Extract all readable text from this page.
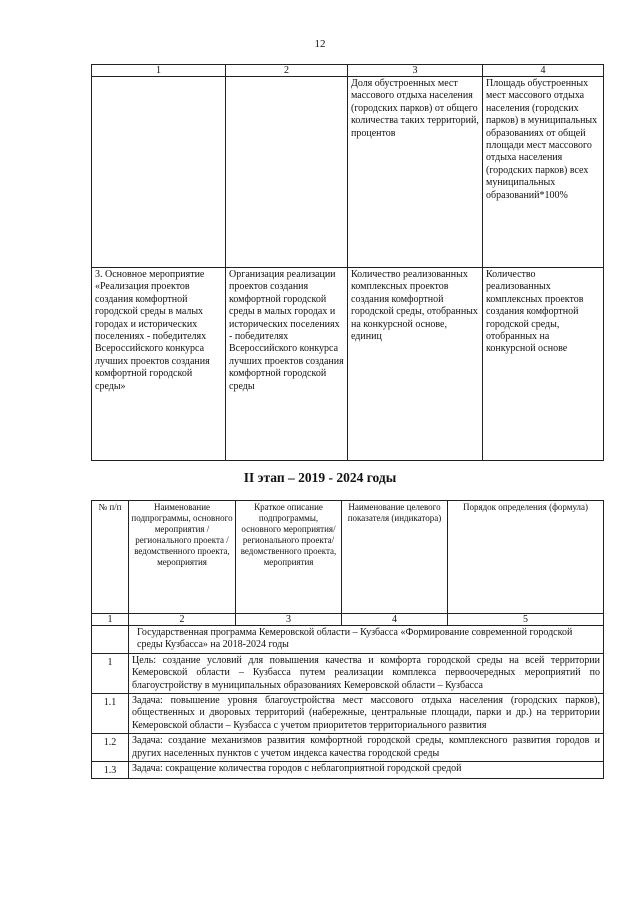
12
1	2	3	4
		Доля обустроенных мест массового отдыха населения (городских парков) от общего количества таких территорий, процентов	Площадь обустроенных мест массового отдыха населения (городских парков) в муниципальных образованиях от общей площади мест массового отдыха населения (городских парков) всех муниципальных образований*100%
3. Основное мероприятие «Реализация проектов создания комфортной городской среды в малых городах и исторических поселениях - победителях Всероссийского конкурса лучших проектов создания комфортной городской среды»	Организация реализации проектов создания комфортной городской среды в малых городах и исторических поселениях - победителях Всероссийского конкурса лучших проектов создания комфортной городской среды	Количество реализованных комплексных проектов создания комфортной городской среды, отобранных на конкурсной основе, единиц	Количество реализованных комплексных проектов создания комфортной городской среды, отобранных на конкурсной основе
II этап – 2019 - 2024 годы
№ п/п	Наименование подпрограммы, основного мероприятия / регионального проекта / ведомственного проекта, мероприятия	Краткое описание подпрограммы, основного мероприятия/ регионального проекта/ ведомственного проекта, мероприятия	Наименование целевого показателя (индикатора)	Порядок определения (формула)
1	2	3	4	5
	Государственная программа Кемеровской области – Кузбасса «Формирование современной городской среды Кузбасса» на 2018-2024 годы			
1	Цель: создание условий для повышения качества и комфорта городской среды на всей территории Кемеровской области – Кузбасса путем реализации комплекса первоочередных мероприятий по благоустройству в муниципальных образованиях Кемеровской области – Кузбасса			
1.1	Задача: повышение уровня благоустройства мест массового отдыха населения (городских парков), общественных и дворовых территорий (набережные, центральные площади, парки и др.) на территории Кемеровской области – Кузбасса с учетом приоритетов территориального развития			
1.2	Задача: создание механизмов развития комфортной городской среды, комплексного развития городов и других населенных пунктов с учетом индекса качества городской среды			
1.3	Задача: сокращение количества городов с неблагоприятной городской средой			
